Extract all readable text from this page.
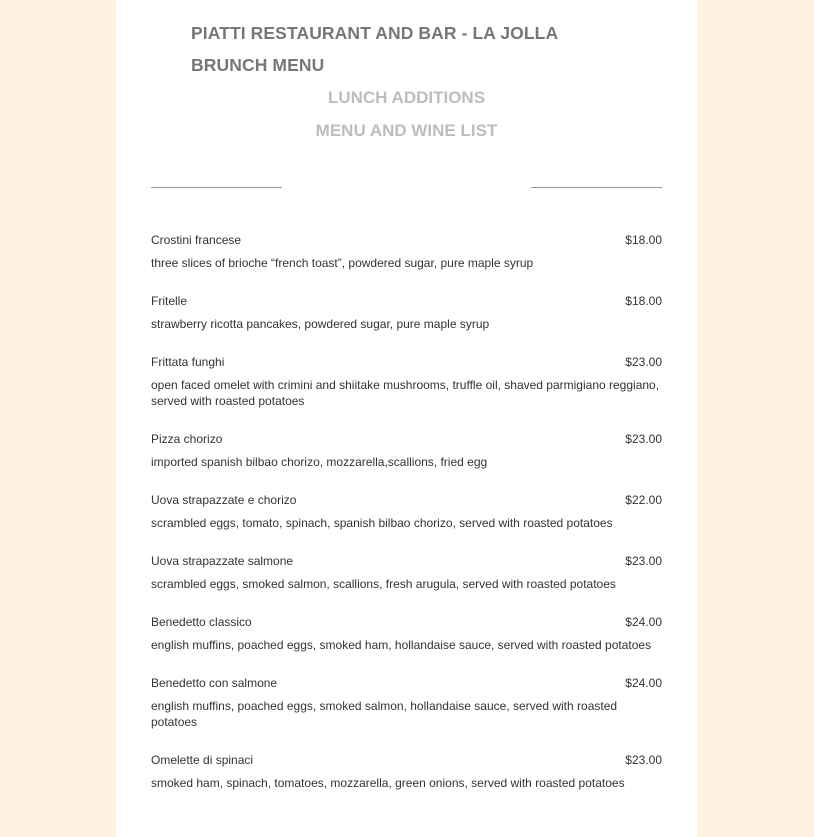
PIATTI RESTAURANT AND BAR - LA JOLLA
BRUNCH MENU
LUNCH ADDITIONS
MENU AND WINE LIST
Crostini francese	$18.00
three slices of brioche “french toast”, powdered sugar, pure maple syrup
Fritelle	$18.00
strawberry ricotta pancakes, powdered sugar, pure maple syrup
Frittata funghi	$23.00
open faced omelet with crimini and shiitake mushrooms, truffle oil, shaved parmigiano reggiano, served with roasted potatoes
Pizza chorizo	$23.00
imported spanish bilbao chorizo, mozzarella,scallions, fried egg
Uova strapazzate e chorizo	$22.00
scrambled eggs, tomato, spinach, spanish bilbao chorizo, served with roasted potatoes
Uova strapazzate salmone	$23.00
scrambled eggs, smoked salmon, scallions, fresh arugula, served with roasted potatoes
Benedetto classico	$24.00
english muffins, poached eggs, smoked ham, hollandaise sauce, served with roasted potatoes
Benedetto con salmone	$24.00
english muffins, poached eggs, smoked salmon, hollandaise sauce, served with roasted potatoes
Omelette di spinaci	$23.00
smoked ham, spinach, tomatoes, mozzarella, green onions, served with roasted potatoes
